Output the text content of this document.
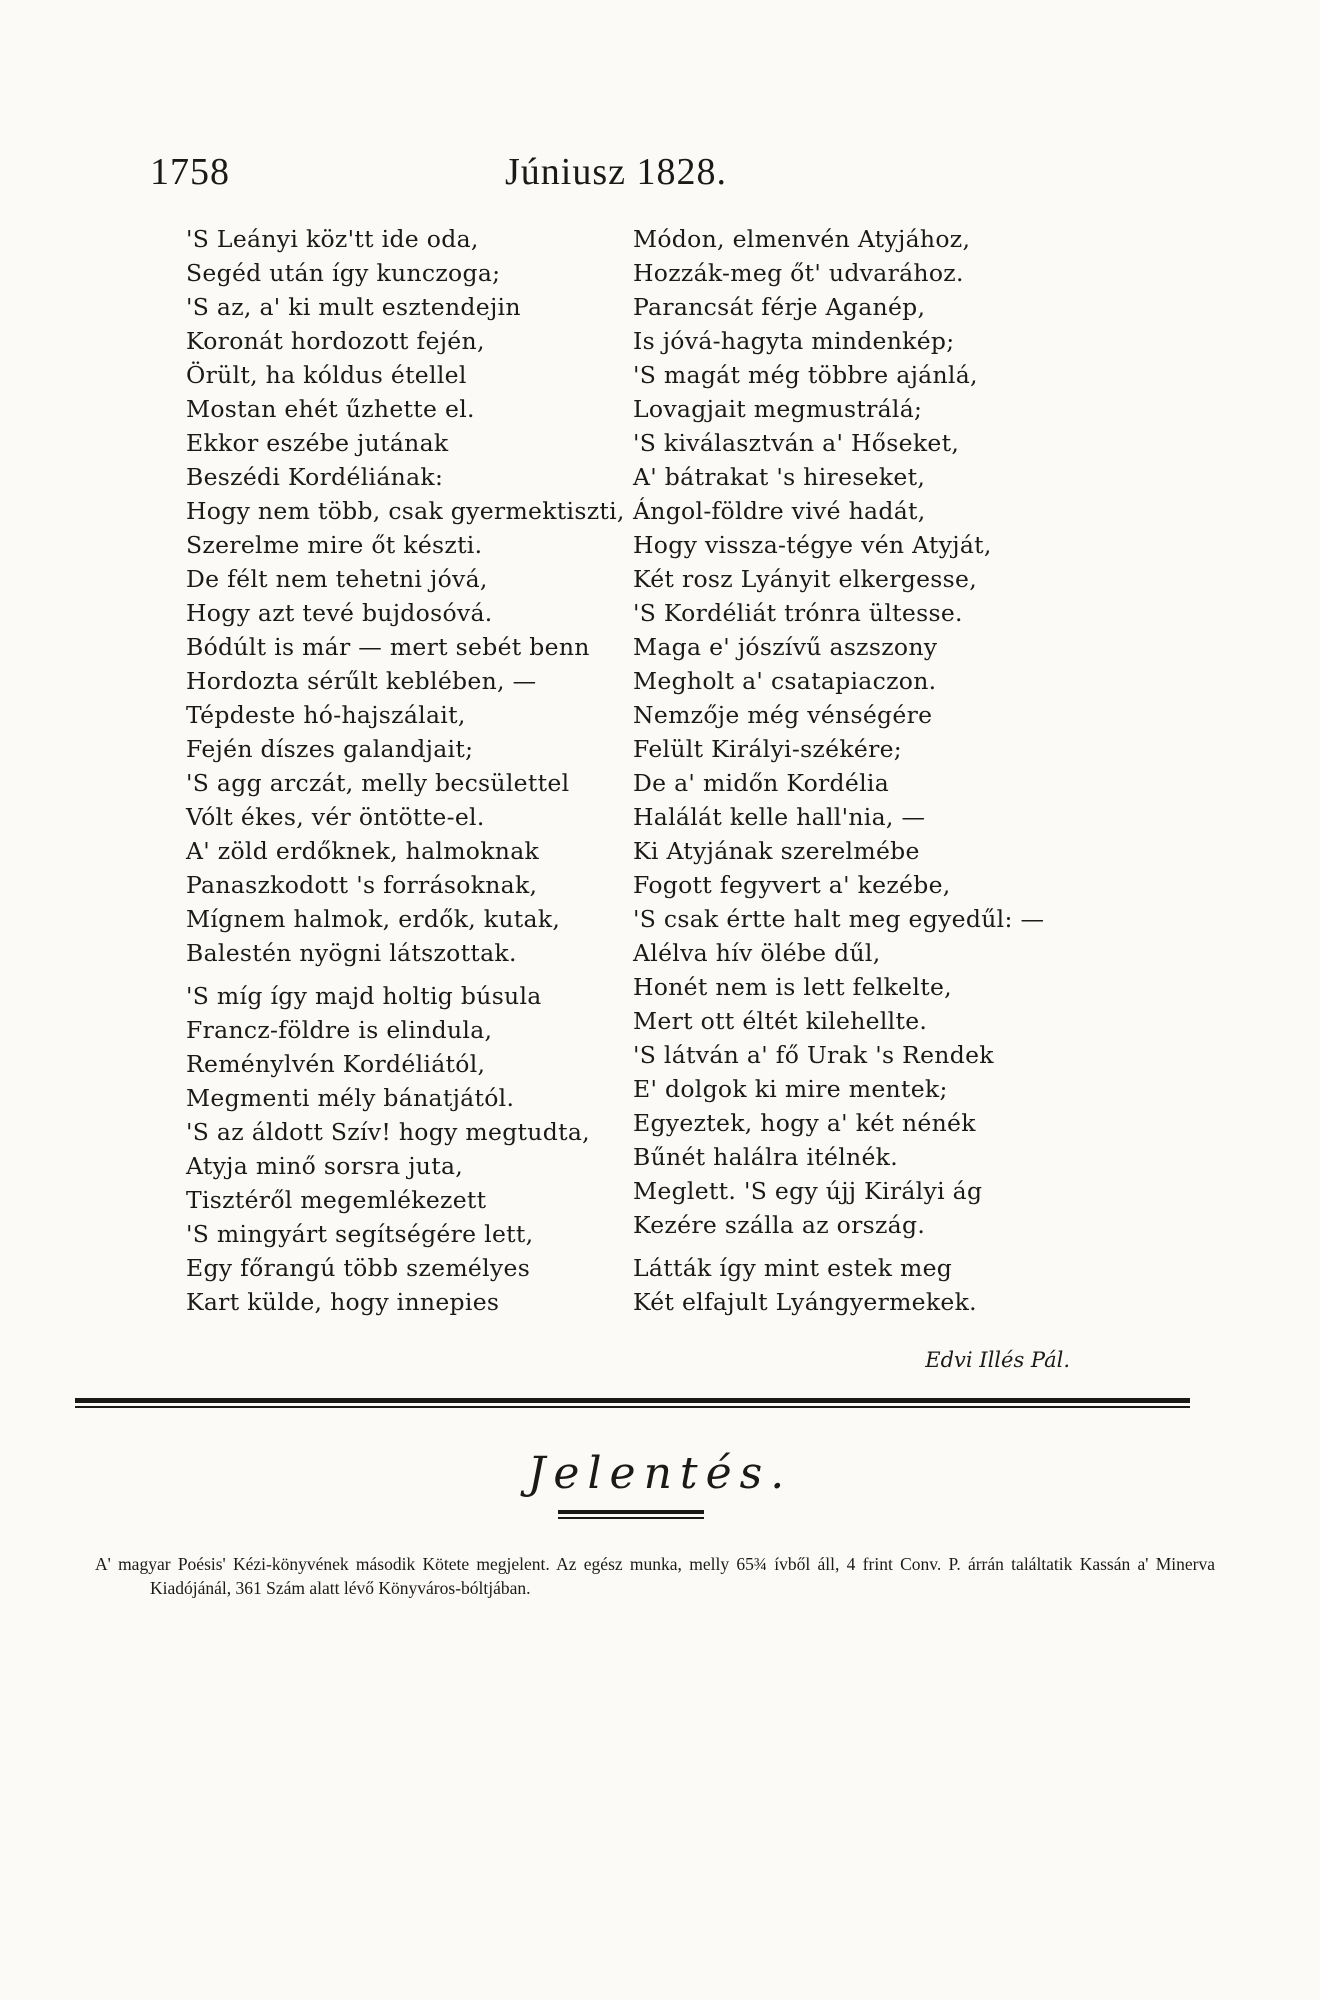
1758	Júniusz 1828.
'S Leányi köz'tt ide oda,
Segéd után így kunczoga;
'S az, a' ki mult esztendejin
Koronát hordozott fején,
Örült, ha kóldus étellel
Mostan ehét űzhette el.
Ekkor eszébe jutának
Beszédi Kordéliának:
Hogy nem több, csak gyermektiszti,
Szerelme mire őt készti.
De félt nem tehetni jóvá,
Hogy azt tevé bujdosóvá.
Bódúlt is már — mert sebét benn
Hordozta sérűlt keblében, —
Tépdeste hó-hajszálait,
Fején díszes galandjait;
'S agg arczát, melly becsülettel
Vólt ékes, vér öntötte-el.
A' zöld erdőknek, halmoknak
Panaszkodott 's forrásoknak,
Mígnem halmok, erdők, kutak,
Balestén nyögni látszottak.
'S míg így majd holtig búsula
Francz-földre is elindula,
Reménylvén Kordéliától,
Megmenti mély bánatjától.
'S az áldott Szív! hogy megtudta,
Atyja minő sorsra juta,
Tisztéről megemlékezett
'S mingyárt segítségére lett,
Egy főrangú több személyes
Kart külde, hogy innepies
Módon, elmenvén Atyjához,
Hozzák-meg őt' udvarához.
Parancsát férje Aganép,
Is jóvá-hagyta mindenkép;
'S magát még többre ajánlá,
Lovagjait megmustrálá;
'S kiválasztván a' Hőseket,
A' bátrakat 's hireseket,
Ángol-földre vivé hadát,
Hogy vissza-tégye vén Atyját,
Két rosz Lyányit elkergesse,
'S Kordéliát trónra ültesse.
Maga e' jószívű aszszony
Megholt a' csatapiaczon.
Nemzője még vénségére
Felült Királyi-székére;
De a' midőn Kordélia
Halálát kelle hall'nia, —
Ki Atyjának szerelmébe
Fogott fegyvert a' kezébe,
'S csak értte halt meg egyedűl: —
Alélva hív ölébe dűl,
Honét nem is lett felkelte,
Mert ott éltét kilehellte.
'S látván a' fő Urak 's Rendek
E' dolgok ki mire mentek;
Egyeztek, hogy a' két nénék
Bűnét halálra itélnék.
Meglett. 'S egy újj Királyi ág
Kezére szálla az ország.
Látták így mint estek meg
Két elfajult Lyángyermekek.
Edvi Illés Pál.
Jelentés.
A' magyar Poésis' Kézi-könyvének második Kötete megjelent. Az egész munka, melly 65¾ ívből áll, 4 frint Conv. P. árrán találtatik Kassán a' Minerva Kiadójánál, 361 Szám alatt lévő Könyváros-bóltjában.
